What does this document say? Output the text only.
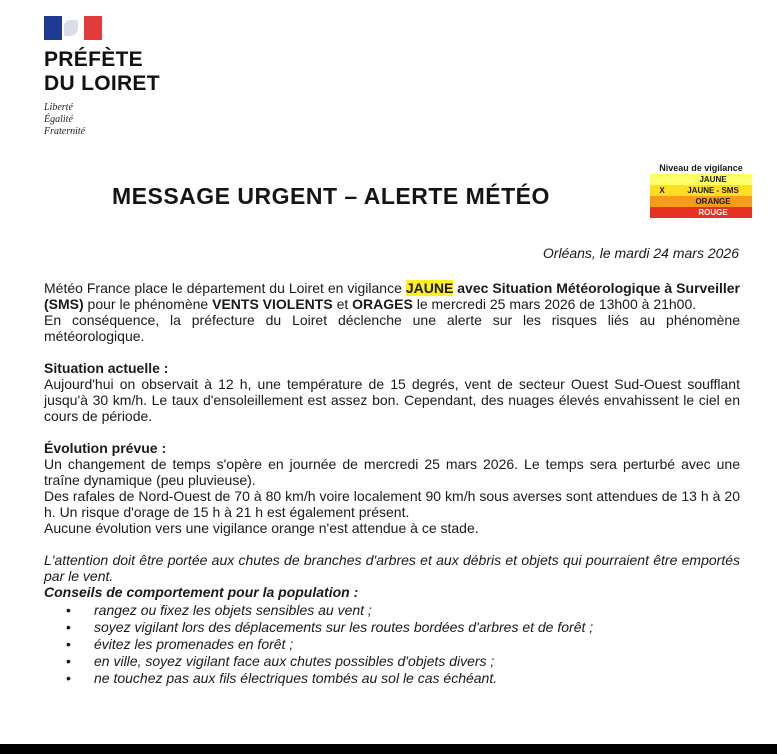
PRÉFÈTE
DU LOIRET
Liberté
Égalité
Fraternité
Niveau de vigilance
	JAUNE
X	JAUNE - SMS
	ORANGE
	ROUGE
MESSAGE URGENT – ALERTE MÉTÉO
Orléans, le mardi 24 mars 2026

Météo France place le département du Loiret en vigilance JAUNE avec Situation Météorologique à Surveiller (SMS) pour le phénomène VENTS VIOLENTS et ORAGES le mercredi 25 mars 2026 de 13h00 à 21h00.

En conséquence, la préfecture du Loiret déclenche une alerte sur les risques liés au phénomène météorologique.

Situation actuelle :

Aujourd'hui on observait à 12 h, une température de 15 degrés, vent de secteur Ouest Sud-Ouest soufflant jusqu'à 30 km/h. Le taux d'ensoleillement est assez bon. Cependant, des nuages élevés envahissent le ciel en cours de période.

Évolution prévue :

Un changement de temps s'opère en journée de mercredi 25 mars 2026. Le temps sera perturbé avec une traîne dynamique (peu pluvieuse).

Des rafales de Nord-Ouest de 70 à 80 km/h voire localement 90 km/h sous averses sont attendues de 13 h à 20 h. Un risque d'orage de 15 h à 21 h est également présent.

Aucune évolution vers une vigilance orange n'est attendue à ce stade.

L'attention doit être portée aux chutes de branches d'arbres et aux débris et objets qui pourraient être emportés par le vent.

Conseils de comportement pour la population :

• rangez ou fixez les objets sensibles au vent ;
• soyez vigilant lors des déplacements sur les routes bordées d'arbres et de forêt ;
• évitez les promenades en forêt ;
• en ville, soyez vigilant face aux chutes possibles d'objets divers ;
• ne touchez pas aux fils électriques tombés au sol le cas échéant.
